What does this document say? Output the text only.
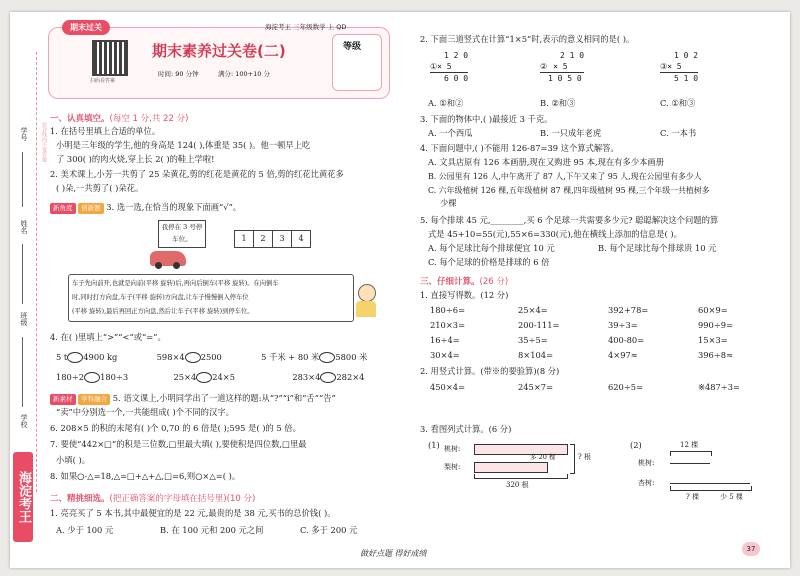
学号
姓名
班级
学校
密封线内不要答题
海淀考王
期末过关	海淀考王 三年级数学 上 QD
扫码看答案
期末素养过关卷(二)
时间: 90 分钟	满分: 100+10 分
等级
一、认真填空。(每空 1 分,共 22 分)
1. 在括号里填上合适的单位。
小明是三年级的学生,他的身高是 124( ),体重是 35( )。他一顿早上吃
了 300( )的肉火烧,穿上长 2( )的鞋上学啦!
2. 美术课上,小芳一共剪了 25 朵黄花,剪的红花是黄花的 5 倍,剪的红花比黄花多
( )朵,一共剪了( )朵花。
新角度 创新题 3. 选一选,在恰当的现象下面画“√”。
我停在 3 号停车位。	1	2	3	4
车子先向前开,也就是向前(平移 旋转)后,再向后倒车(平移 旋转)。在向倒车
时,同时打方向盘,车子(平移 旋转)方向盘,让车子慢慢倒入停车位
(平移 旋转),最后再回正方向盘,然后让车子(平移 旋转)到停车位。
4. 在( )里填上“>”“<”或“=”。
5 t 4900 kg	598×4 2500	5 千米 + 80 米 5800 米
180÷2 180÷3	25×4 24×5	283×4 282×4
新素材 学科融合 5. 语文课上,小明同学出了一道这样的题:从“?”“i”和“舌”“告”
“卖”中分别选一个,一共能组成( )个不同的汉字。
6. 208×5 的积的末尾有( )个 0,70 的 6 倍是( );595 是( )的 5 倍。
7. 要使“442×□”的积是三位数,□里最大填( ),要使积是四位数,□里最
小填( )。
8. 如果○-△=18,△=□+△+△,□=6,则○×△=( )。
二、精挑细选。(把正确答案的字母填在括号里)(10 分)
1. 亮亮买了 5 本书,其中最便宜的是 22 元,最贵的是 38 元,买书的总价钱( )。
A. 少于 100 元	B. 在 100 元和 200 元之间	C. 多于 200 元
2. 下面三道竖式在计算“1×5”时,表示的意义相同的是( )。
1 2 0
①× 5
6 0 0
2 1 0
② × 5
1 0 5 0
1 0 2
③× 5
5 1 0
A. ①和②	B. ②和③	C. ①和③
3. 下面的物体中,( )最接近 3 千克。
A. 一个西瓜	B. 一只成年老虎	C. 一本书
4. 下面问题中,( )不能用 126-87=39 这个算式解答。
A. 文具店原有 126 本画册,现在又购进 95 本,现在有多少本画册
B. 公园里有 126 人,中午离开了 87 人,下午又来了 95 人,现在公园里有多少人
C. 六年级植树 126 棵,五年级植树 87 棵,四年级植树 95 棵,三个年级一共植树多
少棵
5. 每个排球 45 元,________,买 6 个足球一共需要多少元? 聪聪解决这个问题的算
式是 45+10=55(元),55×6=330(元),他在横线上添加的信息是( )。
A. 每个足球比每个排球便宜 10 元	B. 每个足球比每个排球贵 10 元
C. 每个足球的价格是排球的 6 倍
三、仔细计算。(26 分)
1. 直接写得数。(12 分)
180÷6=	25×4=	392+78=	60×9=
210×3=	200-111=	39÷3=	990÷9=
16÷4=	35÷5=	400-80=	15×3=
30×4=	8×104=	4×97≈	396÷8≈
2. 用竖式计算。(带※的要验算)(8 分)
450×4=	245×7=	620÷5=	※487÷3=
3. 看图列式计算。(6 分)
(1) 桃树:
梨树:
多 20 棵	? 根
320 根
(2)	12 棵
桃树:
杏树:
? 棵	少 5 棵
做好点题 得好成绩	37
